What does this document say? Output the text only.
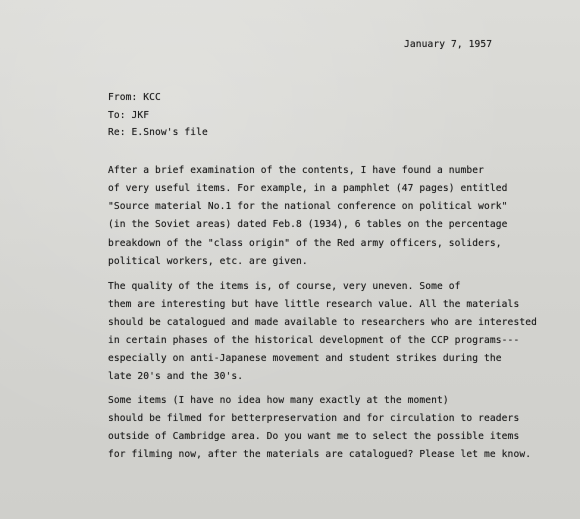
January 7, 1957
From: KCC
To: JKF
Re: E.Snow's file
After a brief examination of the contents, I have found a number
of very useful items. For example, in a pamphlet (47 pages) entitled
"Source material No.1 for the national conference on political work"
(in the Soviet areas) dated Feb.8 (1934), 6 tables on the percentage
breakdown of the "class origin" of the Red army officers, soliders,
political workers, etc. are given.
The quality of the items is, of course, very uneven. Some of
them are interesting but have little research value. All the materials
should be catalogued and made available to researchers who are interested
in certain phases of the historical development of the CCP programs---
especially on anti-Japanese movement and student strikes during the
late 20's and the 30's.
Some items (I have no idea how many exactly at the moment)
should be filmed for betterpreservation and for circulation to readers
outside of Cambridge area. Do you want me to select the possible items
for filming now, after the materials are catalogued? Please let me know.
